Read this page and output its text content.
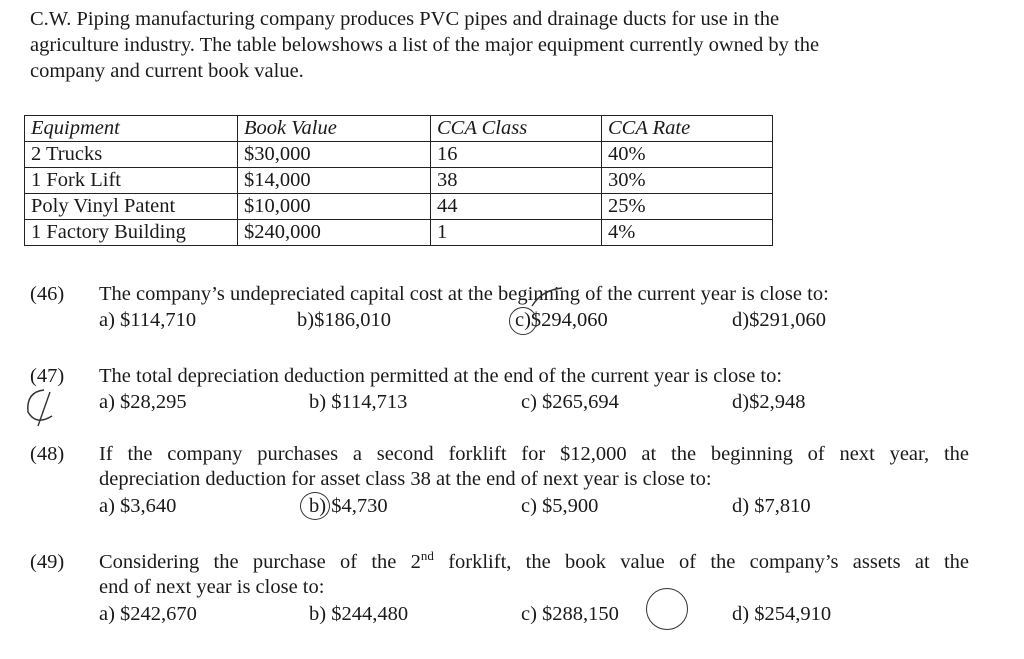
C.W. Piping manufacturing company produces PVC pipes and drainage ducts for use in the
agriculture industry. The table belowshows a list of the major equipment currently owned by the
company and current book value.

Equipment	Book Value	CCA Class	CCA Rate
2 Trucks	$30,000	16	40%
1 Fork Lift	$14,000	38	30%
Poly Vinyl Patent	$10,000	44	25%
1 Factory Building	$240,000	1	4%
(46) The company’s undepreciated capital cost at the beginning of the current year is close to:
a) $114,710	b)$186,010	c)$294,060	d)$291,060
(47) The total depreciation deduction permitted at the end of the current year is close to:
a) $28,295	b) $114,713	c) $265,694	d)$2,948
(48) If the company purchases a second forklift for $12,000 at the beginning of next year, the
depreciation deduction for asset class 38 at the end of next year is close to:
a) $3,640	b) $4,730	c) $5,900	d) $7,810
(49) Considering the purchase of the 2nd forklift, the book value of the company’s assets at the
end of next year is close to:
a) $242,670	b) $244,480	c) $288,150	d) $254,910
